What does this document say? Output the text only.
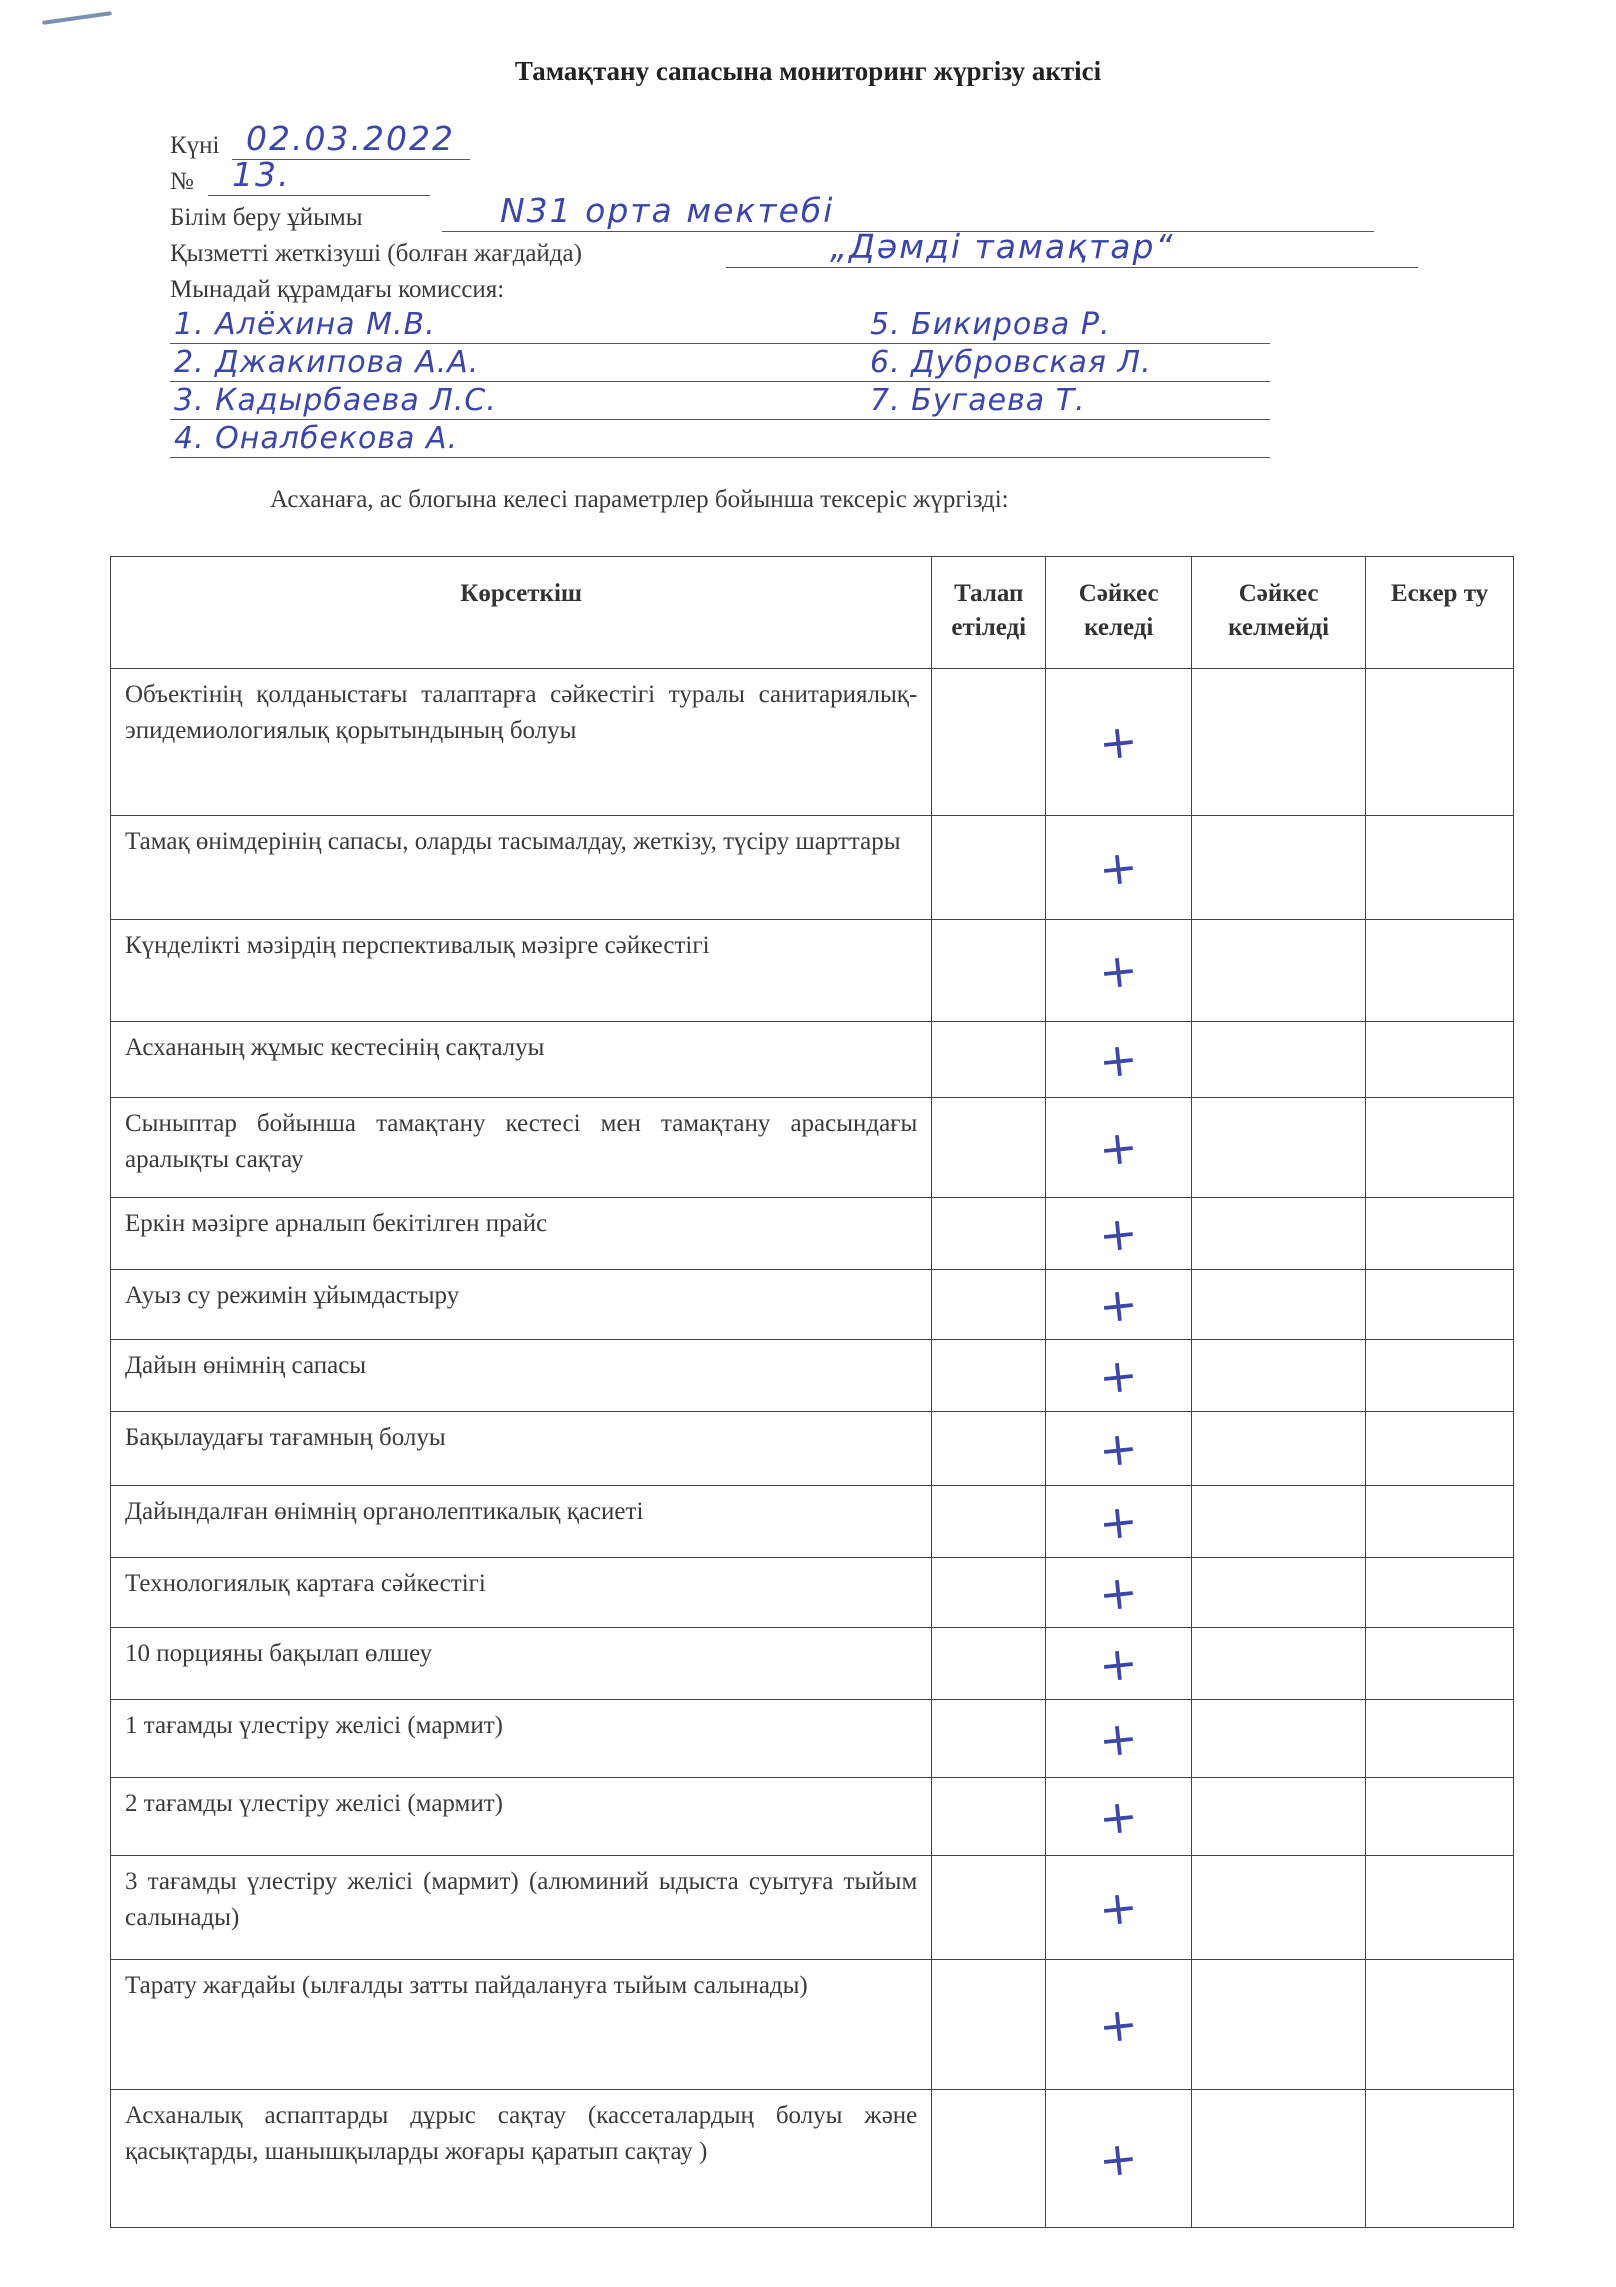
Тамақтану сапасына мониторинг жүргізу актісі
Күні 02.03.2022
№ 13.
Білім беру ұйымы	N31 орта мектебі
Қызметті жеткізуші (болған жағдайда)	„Дәмді тамақтар“
Мынадай құрамдағы комиссия:
1. Алёхина М.В.	5. Бикирова Р.
2. Джакипова А.А.	6. Дубровская Л.
3. Кадырбаева Л.С.	7. Бугаева Т.
4. Оналбекова А.
Асханаға, ас блогына келесі параметрлер бойынша тексеріс жүргізді:
Көрсеткіш	Талап етіледі	Сәйкес келеді	Сәйкес келмейді	Ескер ту
Объектінің қолданыстағы талаптарға сәйкестігі туралы санитариялық-эпидемиологиялық қорытындының болуы		+		
Тамақ өнімдерінің сапасы, оларды тасымалдау, жеткізу, түсіру шарттары		+		
Күнделікті мәзірдің перспективалық мәзірге сәйкестігі		+		
Асхананың жұмыс кестесінің сақталуы		+		
Сыныптар бойынша тамақтану кестесі мен тамақтану арасындағы аралықты сақтау		+		
Еркін мәзірге арналып бекітілген прайс		+		
Ауыз су режимін ұйымдастыру		+		
Дайын өнімнің сапасы		+		
Бақылаудағы тағамның болуы		+		
Дайындалған өнімнің органолептикалық қасиеті		+		
Технологиялық картаға сәйкестігі		+		
10 порцияны бақылап өлшеу		+		
1 тағамды үлестіру желісі (мармит)		+		
2 тағамды үлестіру желісі (мармит)		+		
3 тағамды үлестіру желісі (мармит) (алюминий ыдыста суытуға тыйым салынады)		+		
Тарату жағдайы (ылғалды затты пайдалануға тыйым салынады)		+		
Асханалық аспаптарды дұрыс сақтау (кассеталардың болуы және қасықтарды, шанышқыларды жоғары қаратып сақтау )		+		
